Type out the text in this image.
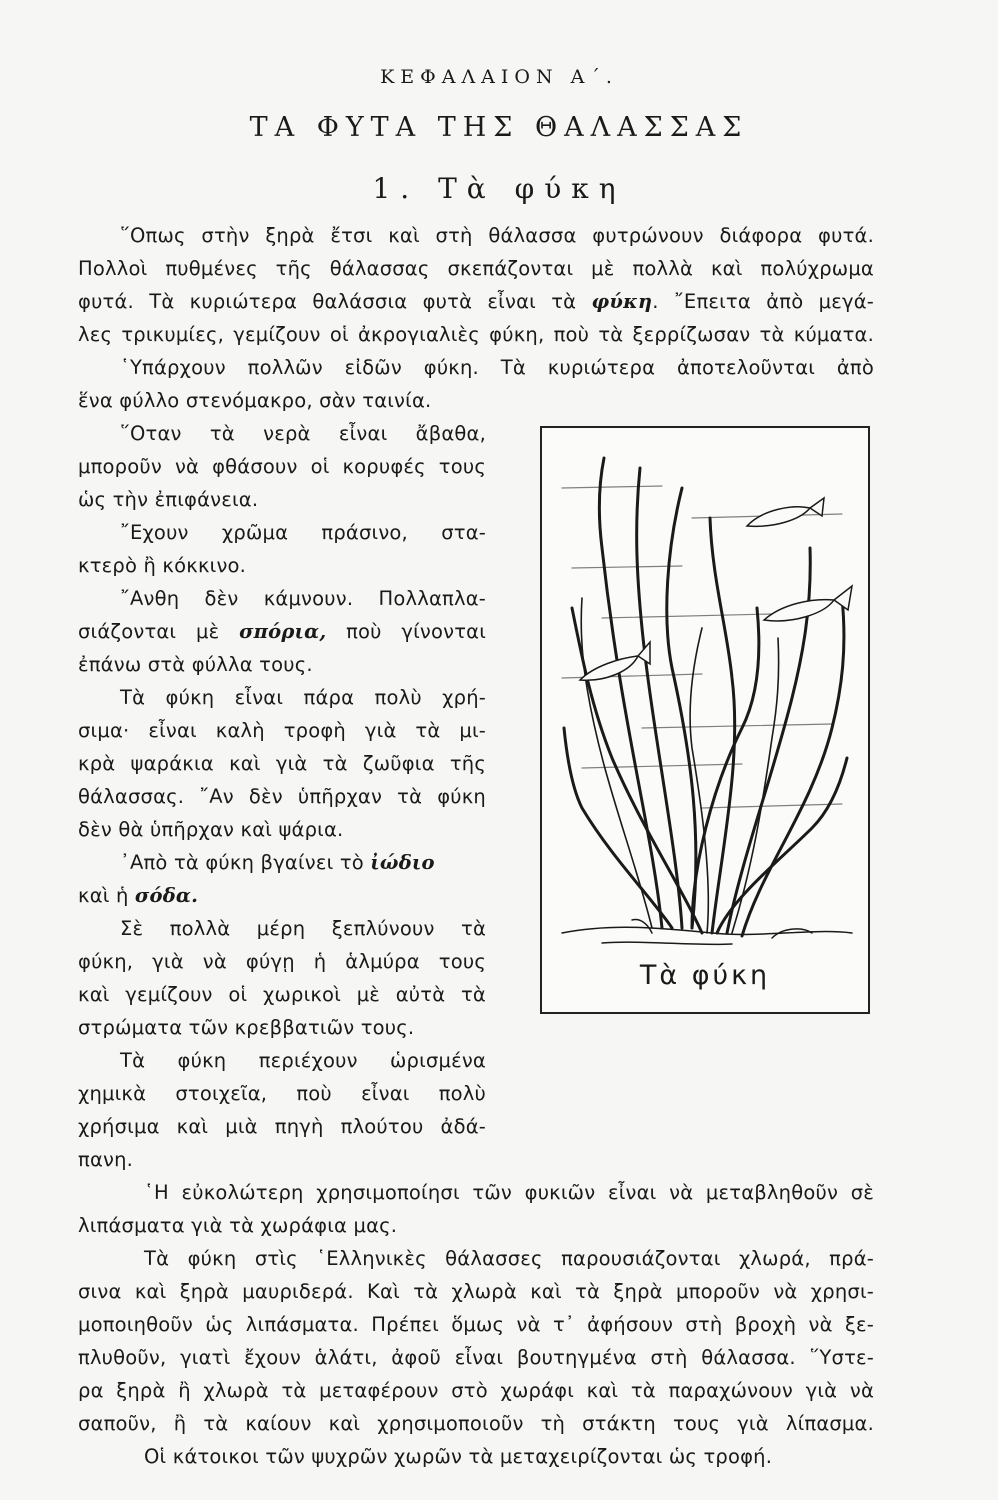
ΚΕΦΑΛΑΙΟΝ Α΄.
ΤΑ ΦΥΤΑ ΤΗΣ ΘΑΛΑΣΣΑΣ
1. Τὰ φύκη
῞Οπως στὴν ξηρὰ ἔτσι καὶ στὴ θάλασσα φυτρώνουν διάφορα φυτά.
Πολλοὶ πυθμένες τῆς θάλασσας σκεπάζονται μὲ πολλὰ καὶ πολύχρωμα
φυτά. Τὰ κυριώτερα θαλάσσια φυτὰ εἶναι τὰ φύκη. ῎Επειτα ἀπὸ μεγά-
λες τρικυμίες, γεμίζουν οἱ ἀκρογιαλιὲς φύκη, ποὺ τὰ ξερρίζωσαν τὰ κύματα.
῾Υπάρχουν πολλῶν εἰδῶν φύκη. Τὰ κυριώτερα ἀποτελοῦνται ἀπὸ
ἕνα φύλλο στενόμακρο, σὰν ταινία.
῞Οταν τὰ νερὰ εἶναι ἄβαθα,
μποροῦν νὰ φθάσουν οἱ κορυφές τους
ὡς τὴν ἐπιφάνεια.
῎Εχουν χρῶμα πράσινο, στα-
κτερὸ ἢ κόκκινο.
῎Ανθη δὲν κάμνουν. Πολλαπλα-
σιάζονται μὲ σπόρια, ποὺ γίνονται
ἐπάνω στὰ φύλλα τους.
Τὰ φύκη εἶναι πάρα πολὺ χρή-
σιμα· εἶναι καλὴ τροφὴ γιὰ τὰ μι-
κρὰ ψαράκια καὶ γιὰ τὰ ζωῦφια τῆς
θάλασσας. ῎Αν δὲν ὑπῆρχαν τὰ φύκη
δὲν θὰ ὑπῆρχαν καὶ ψάρια.
᾿Απὸ τὰ φύκη βγαίνει τὸ ἰώδιο
καὶ ἡ σόδα.
Σὲ πολλὰ μέρη ξεπλύνουν τὰ
φύκη, γιὰ νὰ φύγῃ ἡ ἁλμύρα τους
καὶ γεμίζουν οἱ χωρικοὶ μὲ αὐτὰ τὰ
στρώματα τῶν κρεββατιῶν τους.
Τὰ φύκη περιέχουν ὡρισμένα
χημικὰ στοιχεῖα, ποὺ εἶναι πολὺ
χρήσιμα καὶ μιὰ πηγὴ πλούτου ἀδά-
πανη.
῾Η εὐκολώτερη χρησιμοποίησι τῶν φυκιῶν εἶναι νὰ μεταβληθοῦν σὲ
λιπάσματα γιὰ τὰ χωράφια μας.
Τὰ φύκη στὶς ῾Ελληνικὲς θάλασσες παρουσιάζονται χλωρά, πρά-
σινα καὶ ξηρὰ μαυριδερά. Καὶ τὰ χλωρὰ καὶ τὰ ξηρὰ μποροῦν νὰ χρησι-
μοποιηθοῦν ὡς λιπάσματα. Πρέπει ὅμως νὰ τ᾿ ἀφήσουν στὴ βροχὴ νὰ ξε-
πλυθοῦν, γιατὶ ἔχουν ἁλάτι, ἀφοῦ εἶναι βουτηγμένα στὴ θάλασσα. ῞Υστε-
ρα ξηρὰ ἢ χλωρὰ τὰ μεταφέρουν στὸ χωράφι καὶ τὰ παραχώνουν γιὰ νὰ
σαποῦν, ἢ τὰ καίουν καὶ χρησιμοποιοῦν τὴ στάκτη τους γιὰ λίπασμα.
Οἱ κάτοικοι τῶν ψυχρῶν χωρῶν τὰ μεταχειρίζονται ὡς τροφή.
Τὰ φύκη
